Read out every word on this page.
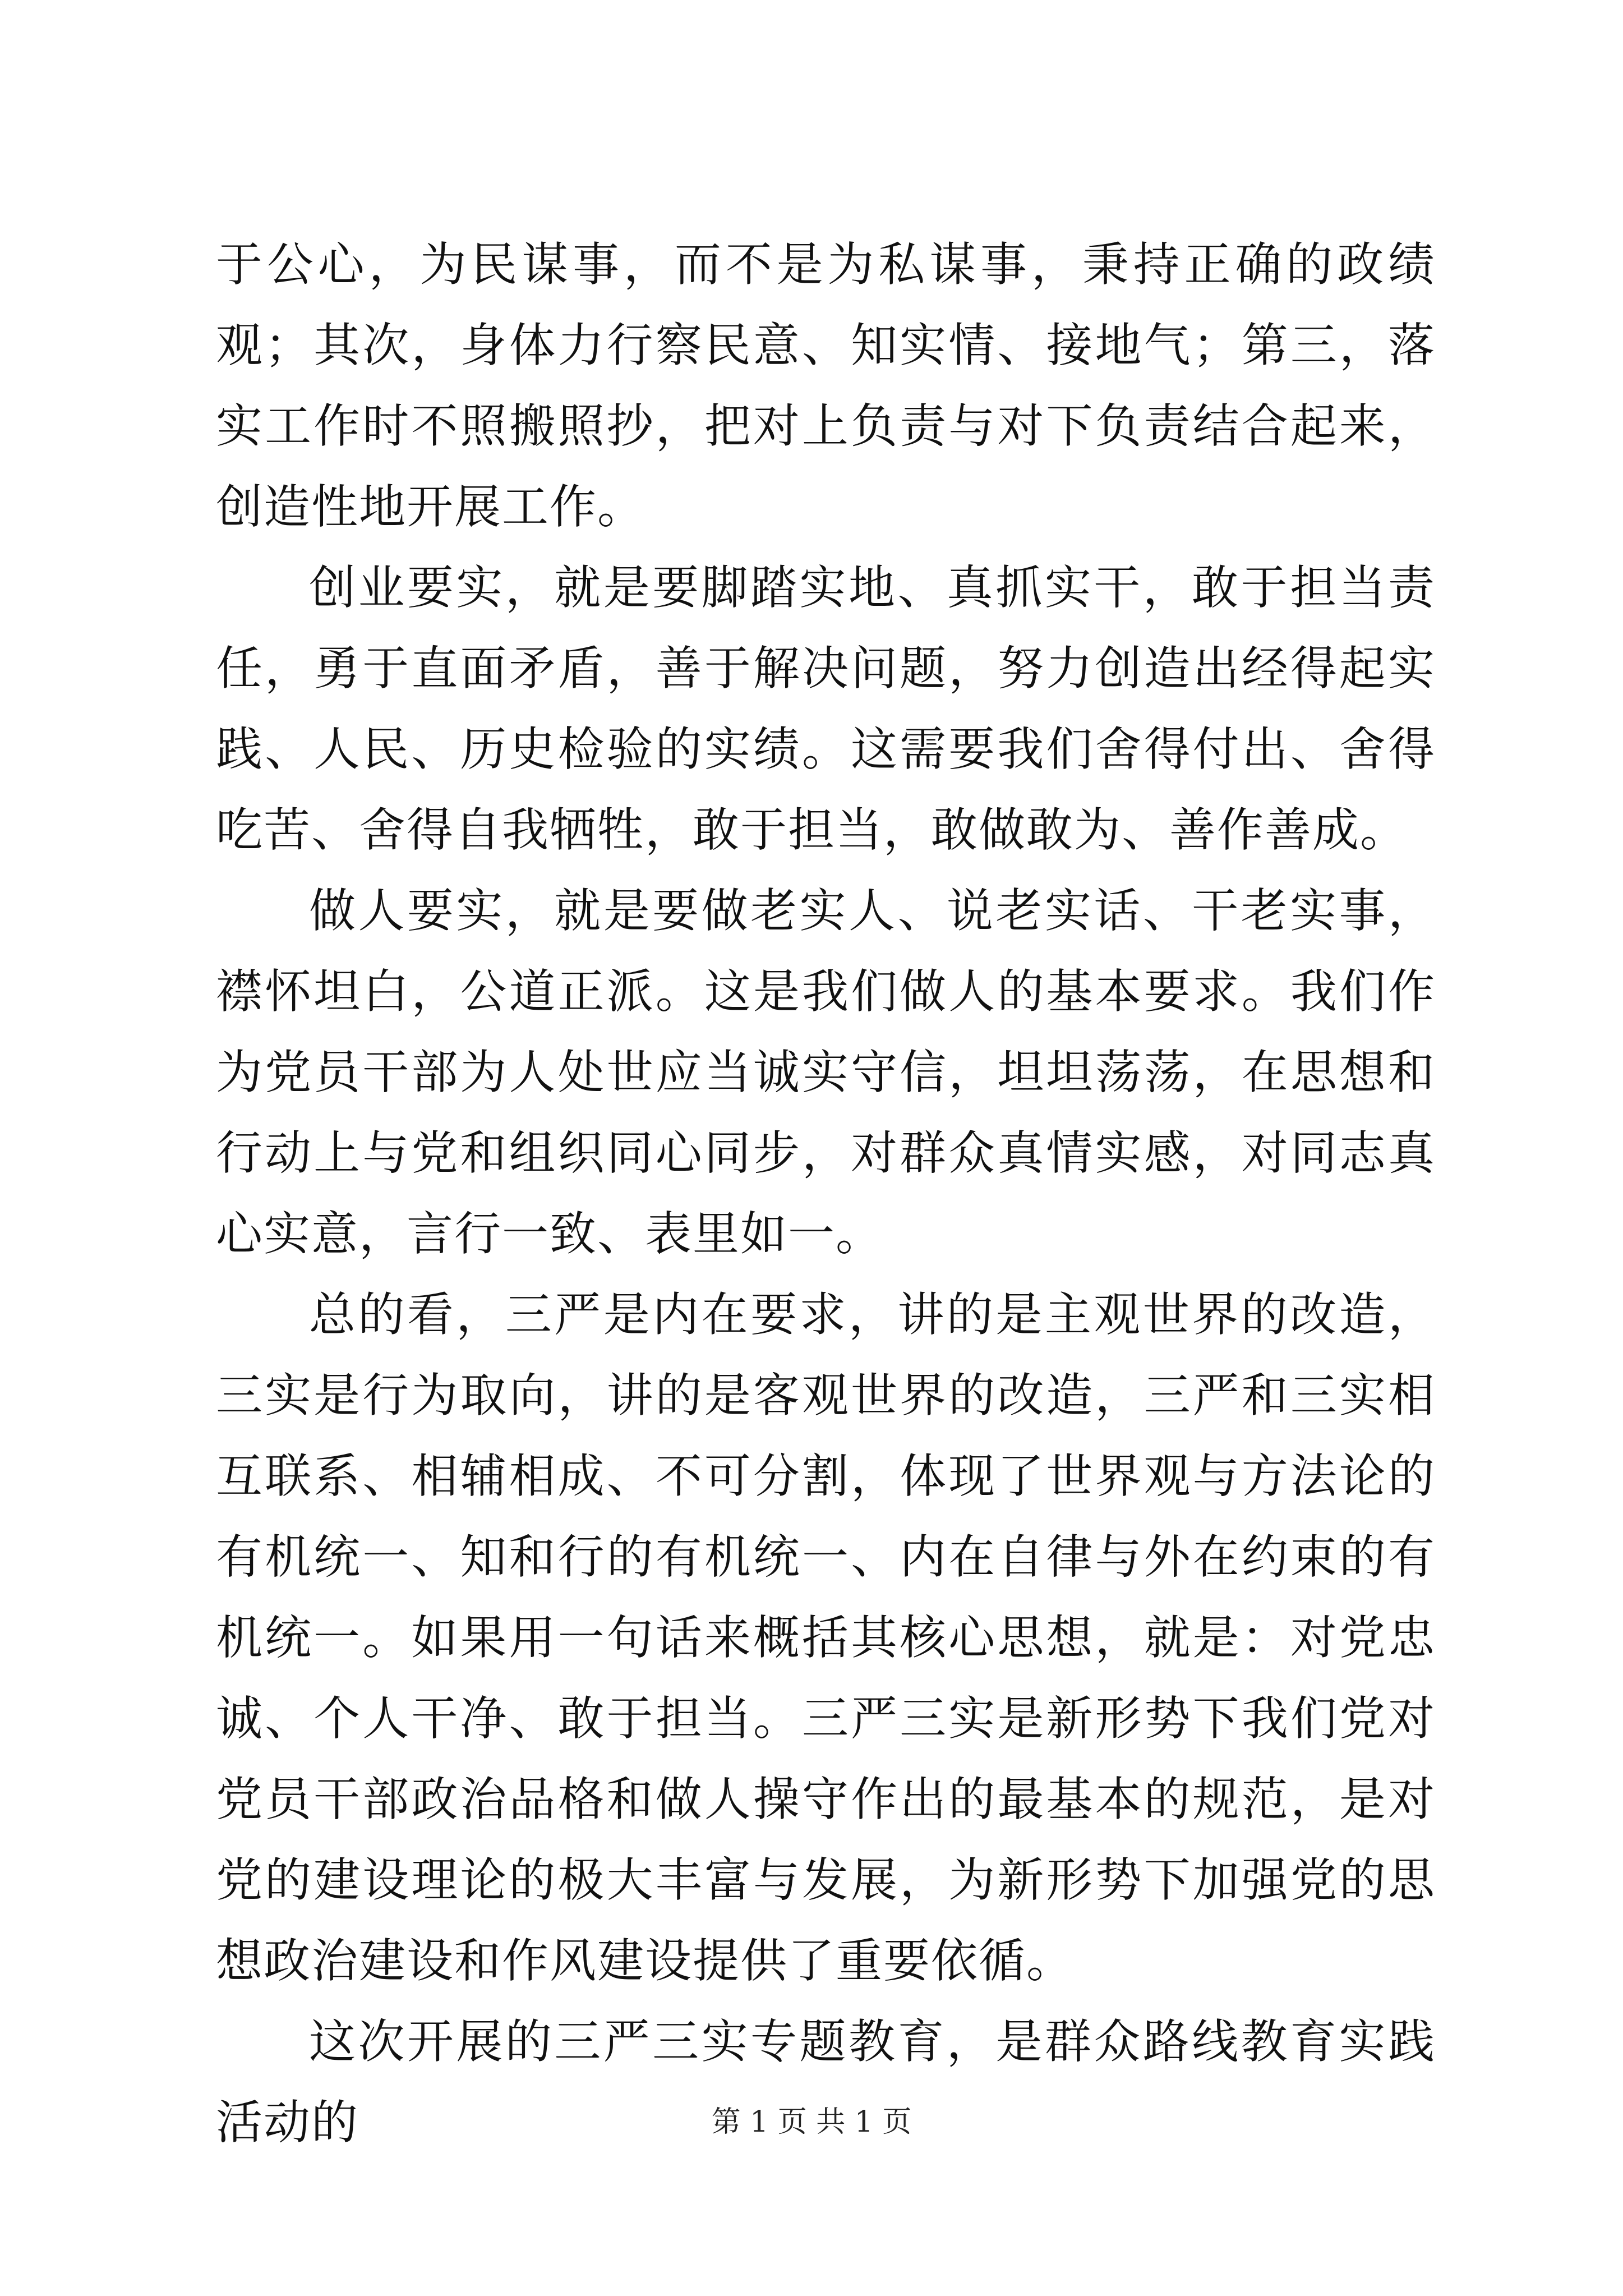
于公心，为民谋事，而不是为私谋事，秉持正确的政绩观；其次，身体力行察民意、知实情、接地气；第三，落实工作时不照搬照抄，把对上负责与对下负责结合起来，创造性地开展工作。

创业要实，就是要脚踏实地、真抓实干，敢于担当责任，勇于直面矛盾，善于解决问题，努力创造出经得起实践、人民、历史检验的实绩。这需要我们舍得付出、舍得吃苦、舍得自我牺牲，敢于担当，敢做敢为、善作善成。

做人要实，就是要做老实人、说老实话、干老实事，襟怀坦白，公道正派。这是我们做人的基本要求。我们作为党员干部为人处世应当诚实守信，坦坦荡荡，在思想和行动上与党和组织同心同步，对群众真情实感，对同志真心实意，言行一致、表里如一。

总的看，三严是内在要求，讲的是主观世界的改造，三实是行为取向，讲的是客观世界的改造，三严和三实相互联系、相辅相成、不可分割，体现了世界观与方法论的有机统一、知和行的有机统一、内在自律与外在约束的有机统一。如果用一句话来概括其核心思想，就是：对党忠诚、个人干净、敢于担当。三严三实是新形势下我们党对党员干部政治品格和做人操守作出的最基本的规范，是对党的建设理论的极大丰富与发展，为新形势下加强党的思想政治建设和作风建设提供了重要依循。

这次开展的三严三实专题教育，是群众路线教育实践活动的	第 1 页 共 1 页
